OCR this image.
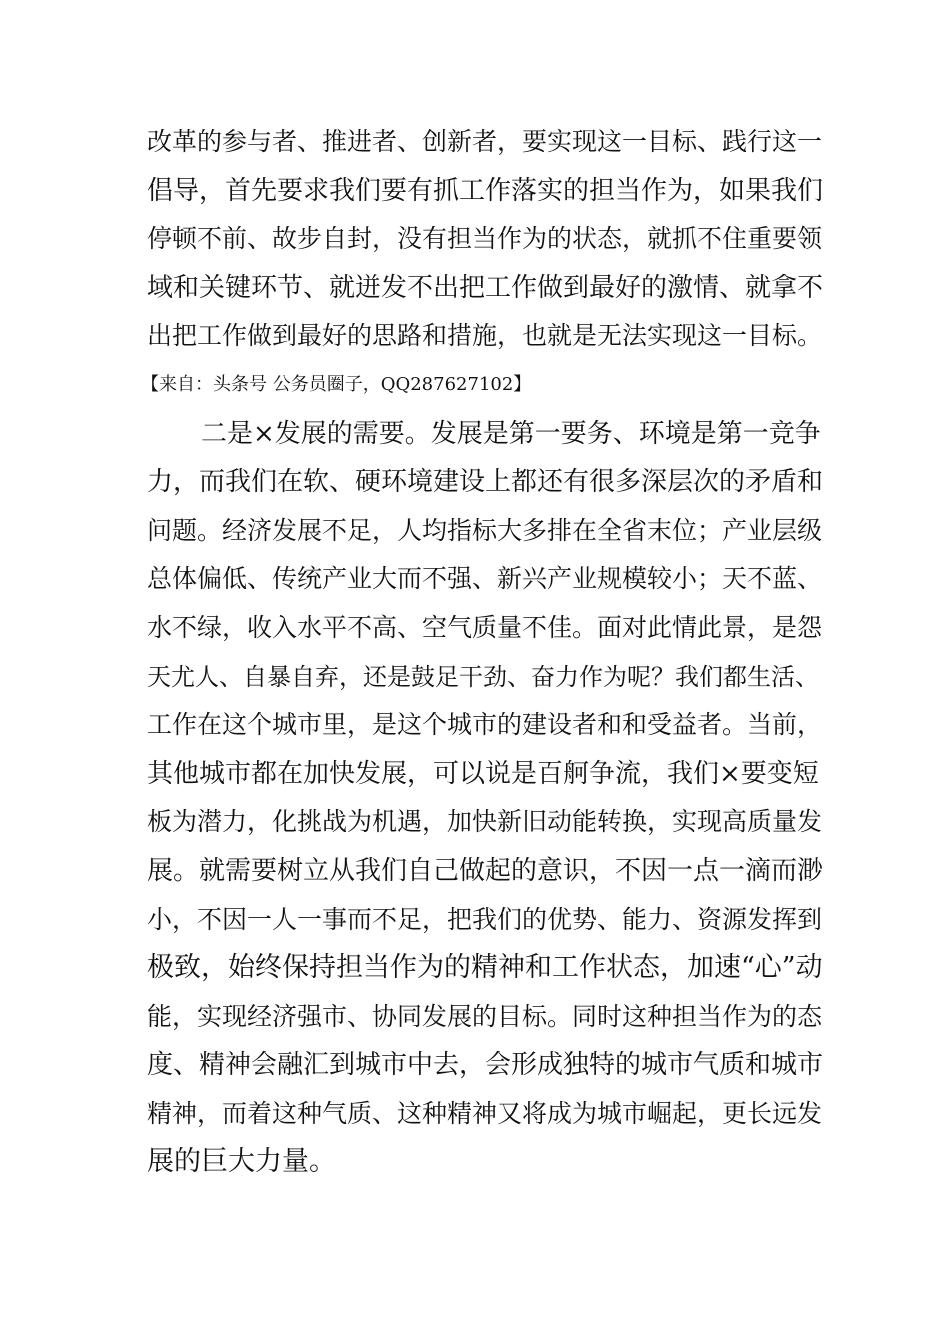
改革的参与者、推进者、创新者，要实现这一目标、践行这一
倡导，首先要求我们要有抓工作落实的担当作为，如果我们
停顿不前、故步自封，没有担当作为的状态，就抓不住重要领
域和关键环节、就迸发不出把工作做到最好的激情、就拿不
出把工作做到最好的思路和措施，也就是无法实现这一目标。
【来自：头条号 公务员圈子，QQ287627102】
二是×发展的需要。发展是第一要务、环境是第一竞争
力，而我们在软、硬环境建设上都还有很多深层次的矛盾和
问题。经济发展不足，人均指标大多排在全省末位；产业层级
总体偏低、传统产业大而不强、新兴产业规模较小；天不蓝、
水不绿，收入水平不高、空气质量不佳。面对此情此景，是怨
天尤人、自暴自弃，还是鼓足干劲、奋力作为呢？我们都生活、
工作在这个城市里，是这个城市的建设者和和受益者。当前，
其他城市都在加快发展，可以说是百舸争流，我们×要变短
板为潜力，化挑战为机遇，加快新旧动能转换，实现高质量发
展。就需要树立从我们自己做起的意识，不因一点一滴而渺
小，不因一人一事而不足，把我们的优势、能力、资源发挥到
极致，始终保持担当作为的精神和工作状态，加速“心”动
能，实现经济强市、协同发展的目标。同时这种担当作为的态
度、精神会融汇到城市中去，会形成独特的城市气质和城市
精神，而着这种气质、这种精神又将成为城市崛起，更长远发
展的巨大力量。
